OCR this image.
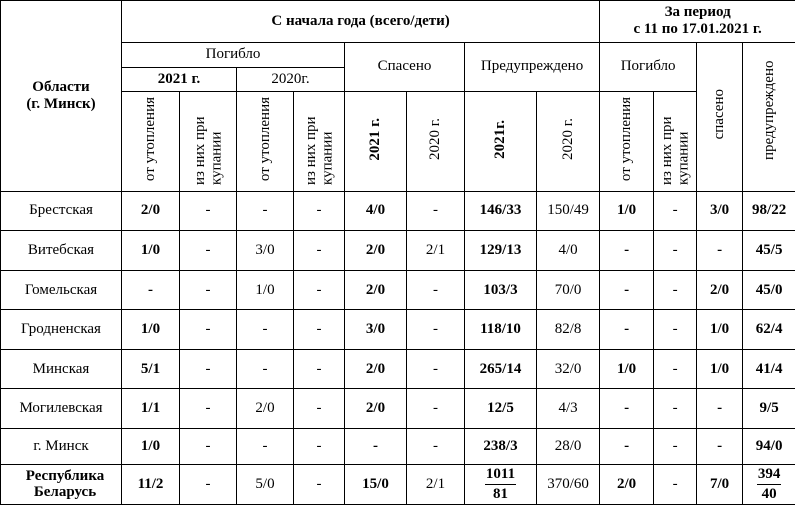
Области
(г. Минск)	С начала года (всего/дети)								За период
с 11 по 17.01.2021 г.			
	Погибло				Спасено		Предупреждено		Погибло		спасено	предупреждено
	2021 г.		2020г.									
	от утопления	из них при купании	от утопления	из них при купании	2021 г.	2020 г.	2021г.	2020 г.	от утопления	из них при купании		
Брестская	2/0	-	-	-	4/0	-	146/33	150/49	1/0	-	3/0	98/22
Витебская	1/0	-	3/0	-	2/0	2/1	129/13	4/0	-	-	-	45/5
Гомельская	-	-	1/0	-	2/0	-	103/3	70/0	-	-	2/0	45/0
Гродненская	1/0	-	-	-	3/0	-	118/10	82/8	-	-	1/0	62/4
Минская	5/1	-	-	-	2/0	-	265/14	32/0	1/0	-	1/0	41/4
Могилевская	1/1	-	2/0	-	2/0	-	12/5	4/3	-	-	-	9/5
г. Минск	1/0	-	-	-	-	-	238/3	28/0	-	-	-	94/0
Республика
Беларусь	11/2	-	5/0	-	15/0	2/1	$\frac{1011}{81}$	370/60	2/0	-	7/0	$\frac{394}{40}$
